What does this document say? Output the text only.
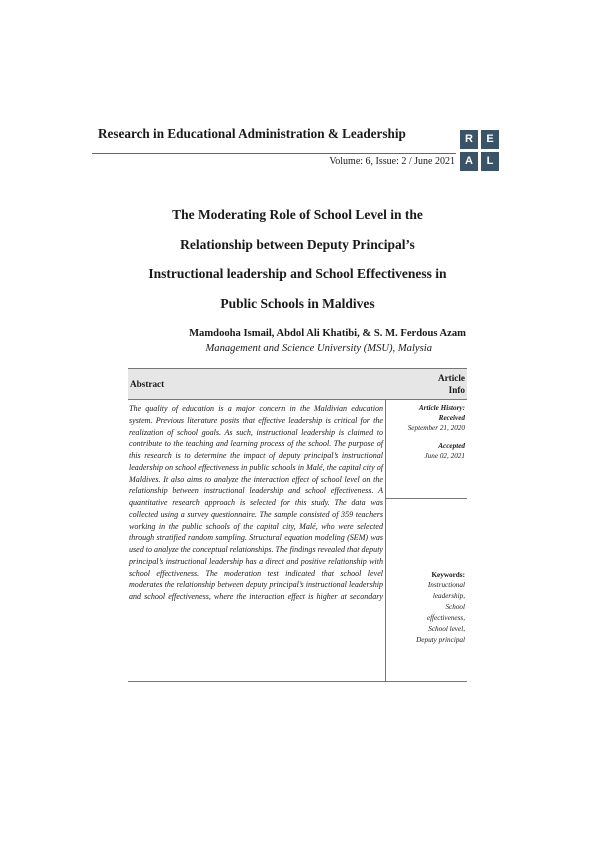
Research in Educational Administration & Leadership
Volume: 6, Issue: 2 / June 2021
R	E
A	L
The Moderating Role of School Level in the
Relationship between Deputy Principal’s
Instructional leadership and School Effectiveness in
Public Schools in Maldives
Mamdooha Ismail, Abdol Ali Khatibi, & S. M. Ferdous Azam
Management and Science University (MSU), Malysia
Abstract
Article
Info
The quality of education is a major concern in the Maldivian education system. Previous literature posits that effective leadership is critical for the realization of school goals. As such, instructional leadership is claimed to contribute to the teaching and learning process of the school. The purpose of this research is to determine the impact of deputy principal’s instructional leadership on school effectiveness in public schools in Malé, the capital city of Maldives. It also aims to analyze the interaction effect of school level on the relationship between instructional leadership and school effectiveness. A quantitative research approach is selected for this study. The data was collected using a survey questionnaire. The sample consisted of 359 teachers working in the public schools of the capital city, Malé, who were selected through stratified random sampling. Structural equation modeling (SEM) was used to analyze the conceptual relationships. The findings revealed that deputy principal’s instructional leadership has a direct and positive relationship with school effectiveness. The moderation test indicated that school level moderates the relationship between deputy principal’s instructional leadership and school effectiveness, where the interaction effect is higher at secondary
Article History:
Received
September 21, 2020
Accepted
June 02, 2021
Keywords:
Instructional leadership, School effectiveness, School level, Deputy principal
